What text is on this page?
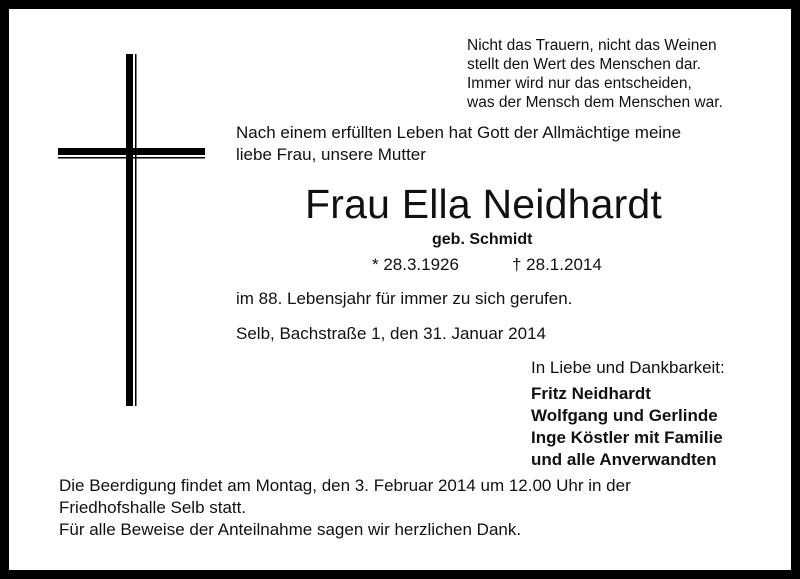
Nicht das Trauern, nicht das Weinen
stellt den Wert des Menschen dar.
Immer wird nur das entscheiden,
was der Mensch dem Menschen war.
Nach einem erfüllten Leben hat Gott der Allmächtige meine
liebe Frau, unsere Mutter
Frau Ella Neidhardt
geb. Schmidt
* 28.3.1926	† 28.1.2014
im 88. Lebensjahr für immer zu sich gerufen.
Selb, Bachstraße 1, den 31. Januar 2014
In Liebe und Dankbarkeit:
Fritz Neidhardt
Wolfgang und Gerlinde
Inge Köstler mit Familie
und alle Anverwandten
Die Beerdigung findet am Montag, den 3. Februar 2014 um 12.00 Uhr in der
Friedhofshalle Selb statt.
Für alle Beweise der Anteilnahme sagen wir herzlichen Dank.
